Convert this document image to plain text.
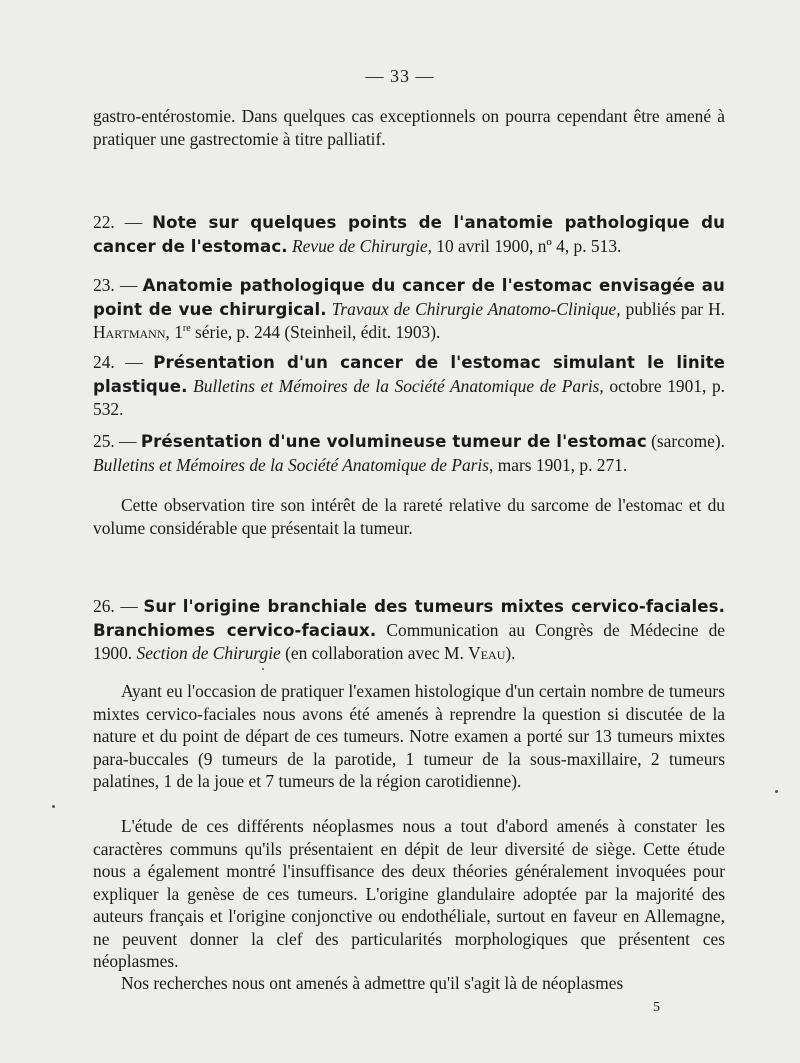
— 33 —

gastro-entérostomie. Dans quelques cas exceptionnels on pourra cependant être amené à pratiquer une gastrectomie à titre palliatif.

22. — Note sur quelques points de l'anatomie pathologique du cancer de l'estomac. Revue de Chirurgie, 10 avril 1900, nº 4, p. 513.
23. — Anatomie pathologique du cancer de l'estomac envisagée au point de vue chirurgical. Travaux de Chirurgie Anatomo-Clinique, publiés par H. Hartmann, 1re série, p. 244 (Steinheil, édit. 1903).
24. — Présentation d'un cancer de l'estomac simulant le linite plastique. Bulletins et Mémoires de la Société Anatomique de Paris, octobre 1901, p. 532.
25. — Présentation d'une volumineuse tumeur de l'estomac (sarcome). Bulletins et Mémoires de la Société Anatomique de Paris, mars 1901, p. 271.

Cette observation tire son intérêt de la rareté relative du sarcome de l'estomac et du volume considérable que présentait la tumeur.

26. — Sur l'origine branchiale des tumeurs mixtes cervico-faciales. Branchiomes cervico-faciaux. Communication au Congrès de Médecine de 1900. Section de Chirurgie (en collaboration avec M. Veau).

Ayant eu l'occasion de pratiquer l'examen histologique d'un certain nombre de tumeurs mixtes cervico-faciales nous avons été amenés à reprendre la question si discutée de la nature et du point de départ de ces tumeurs. Notre examen a porté sur 13 tumeurs mixtes para-buccales (9 tumeurs de la parotide, 1 tumeur de la sous-maxillaire, 2 tumeurs palatines, 1 de la joue et 7 tumeurs de la région carotidienne).

L'étude de ces différents néoplasmes nous a tout d'abord amenés à constater les caractères communs qu'ils présentaient en dépit de leur diversité de siège. Cette étude nous a également montré l'insuffisance des deux théories généralement invoquées pour expliquer la genèse de ces tumeurs. L'origine glandulaire adoptée par la majorité des auteurs français et l'origine conjonctive ou endothéliale, surtout en faveur en Allemagne, ne peuvent donner la clef des particularités morphologiques que présentent ces néoplasmes.

Nos recherches nous ont amenés à admettre qu'il s'agit là de néoplasmes

5
